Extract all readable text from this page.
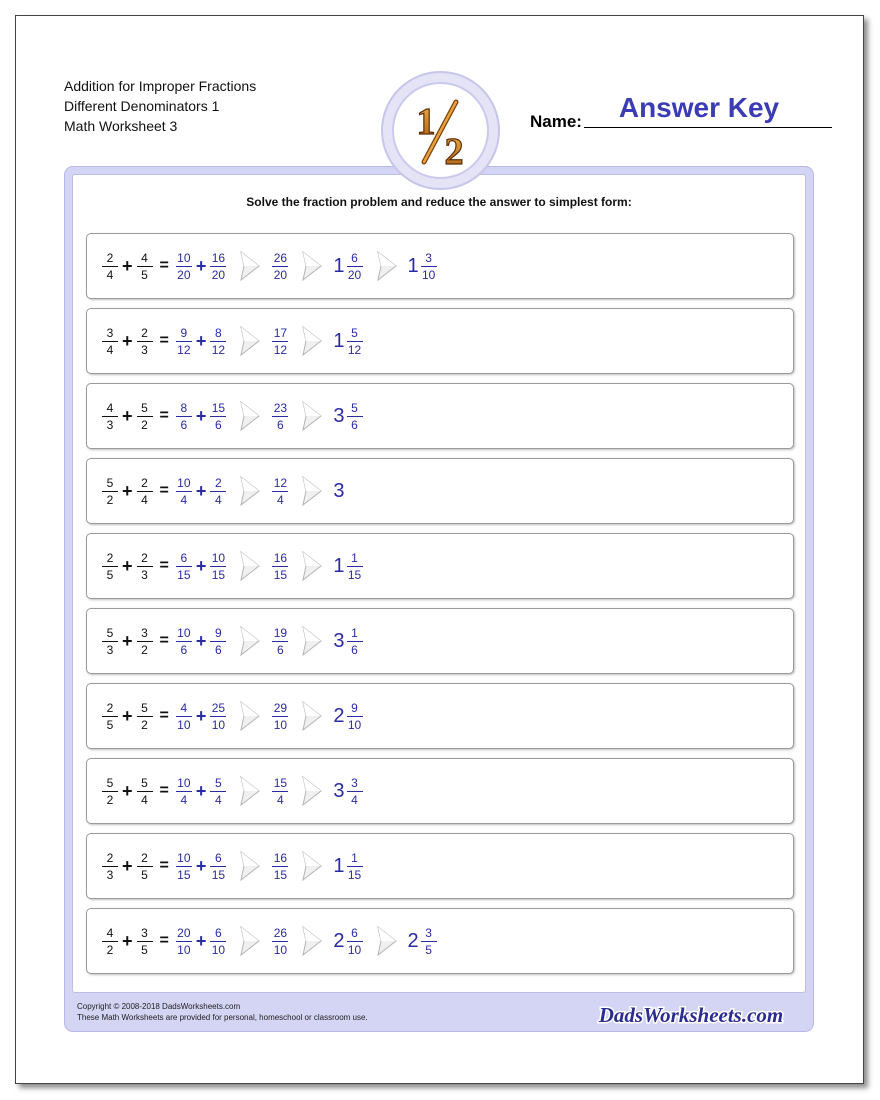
Addition for Improper Fractions
Different Denominators 1
Math Worksheet 3	1
2
Name:	Answer Key
Solve the fraction problem and reduce the answer to simplest form:
$\frac{2}{4} + \frac{4}{5} = \frac{10}{20} + \frac{16}{20}$	$\frac{26}{20} 1 \frac{6}{20} 1 \frac{3}{10}$
$\frac{3}{4} + \frac{2}{3} = \frac{9}{12} + \frac{8}{12}$	$\frac{17}{12} 1 \frac{5}{12}$
$\frac{4}{3} + \frac{5}{2} = \frac{8}{6} + \frac{15}{6}$	$\frac{23}{6} 3 \frac{5}{6}$
$\frac{5}{2} + \frac{2}{4} = \frac{10}{4} + \frac{2}{4}$	$\frac{12}{4} 3$
$\frac{2}{5} + \frac{2}{3} = \frac{6}{15} + \frac{10}{15}$	$\frac{16}{15} 1 \frac{1}{15}$
$\frac{5}{3} + \frac{3}{2} = \frac{10}{6} + \frac{9}{6}$	$\frac{19}{6} 3 \frac{1}{6}$
$\frac{2}{5} + \frac{5}{2} = \frac{4}{10} + \frac{25}{10}$	$\frac{29}{10} 2 \frac{9}{10}$
$\frac{5}{2} + \frac{5}{4} = \frac{10}{4} + \frac{5}{4}$	$\frac{15}{4} 3 \frac{3}{4}$
$\frac{2}{3} + \frac{2}{5} = \frac{10}{15} + \frac{6}{15}$	$\frac{16}{15} 1 \frac{1}{15}$
$\frac{4}{2} + \frac{3}{5} = \frac{20}{10} + \frac{6}{10}$	$\frac{26}{10} 2 \frac{6}{10} 2 \frac{3}{5}$
Copyright © 2008-2018 DadsWorksheets.com
These Math Worksheets are provided for personal, homeschool or classroom use.	DadsWorksheets.com
